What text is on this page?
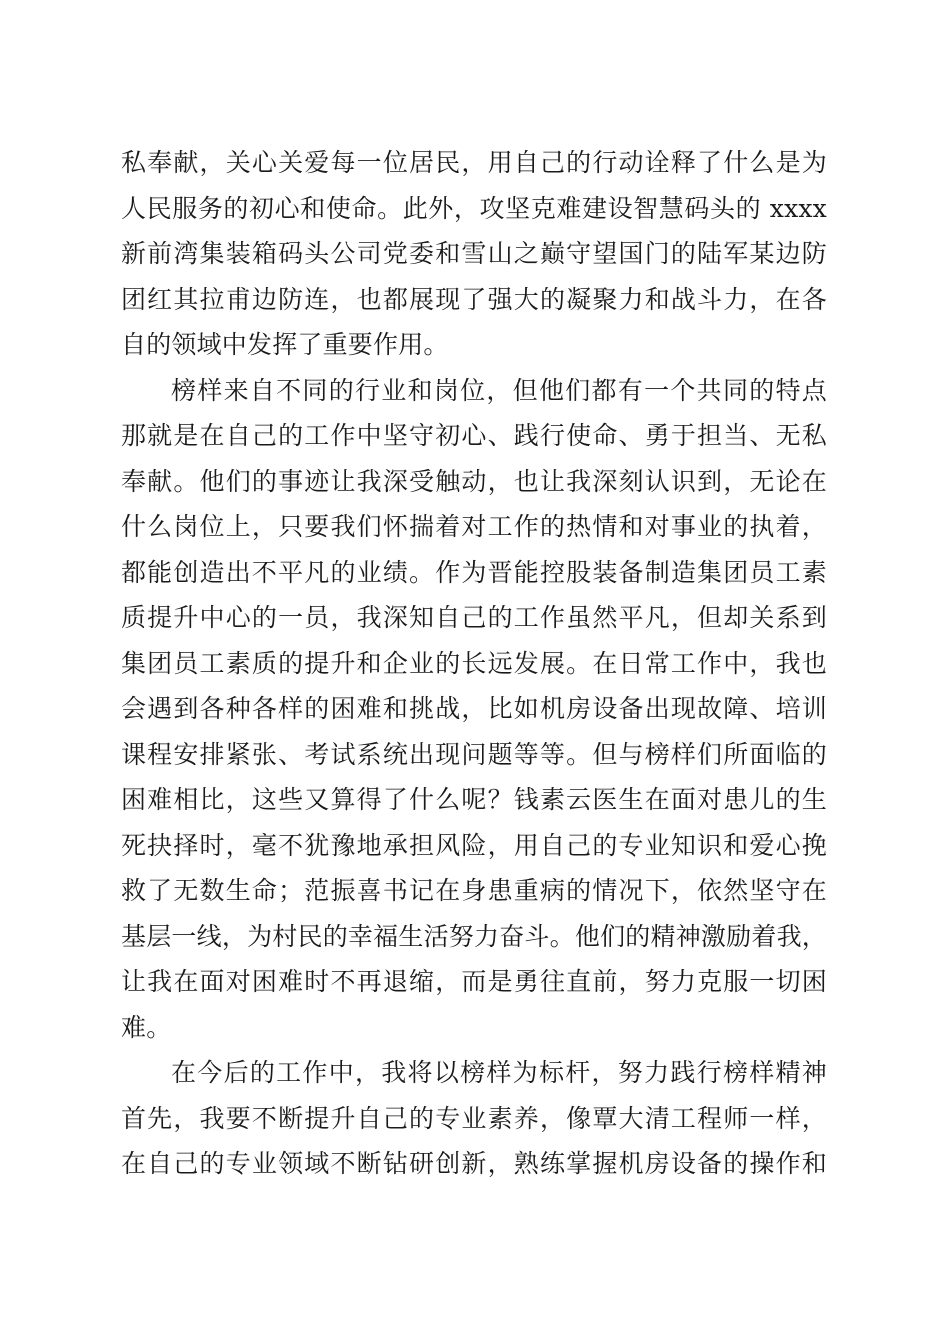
私奉献，关心关爱每一位居民，用自己的行动诠释了什么是为
人民服务的初心和使命。此外，攻坚克难建设智慧码头的 xxxx
新前湾集装箱码头公司党委和雪山之巅守望国门的陆军某边防
团红其拉甫边防连，也都展现了强大的凝聚力和战斗力，在各
自的领域中发挥了重要作用。
榜样来自不同的行业和岗位，但他们都有一个共同的特点
那就是在自己的工作中坚守初心、践行使命、勇于担当、无私
奉献。他们的事迹让我深受触动，也让我深刻认识到，无论在
什么岗位上，只要我们怀揣着对工作的热情和对事业的执着，
都能创造出不平凡的业绩。作为晋能控股装备制造集团员工素
质提升中心的一员，我深知自己的工作虽然平凡，但却关系到
集团员工素质的提升和企业的长远发展。在日常工作中，我也
会遇到各种各样的困难和挑战，比如机房设备出现故障、培训
课程安排紧张、考试系统出现问题等等。但与榜样们所面临的
困难相比，这些又算得了什么呢？钱素云医生在面对患儿的生
死抉择时，毫不犹豫地承担风险，用自己的专业知识和爱心挽
救了无数生命；范振喜书记在身患重病的情况下，依然坚守在
基层一线，为村民的幸福生活努力奋斗。他们的精神激励着我，
让我在面对困难时不再退缩，而是勇往直前，努力克服一切困
难。
在今后的工作中，我将以榜样为标杆，努力践行榜样精神
首先，我要不断提升自己的专业素养，像覃大清工程师一样，
在自己的专业领域不断钻研创新，熟练掌握机房设备的操作和
